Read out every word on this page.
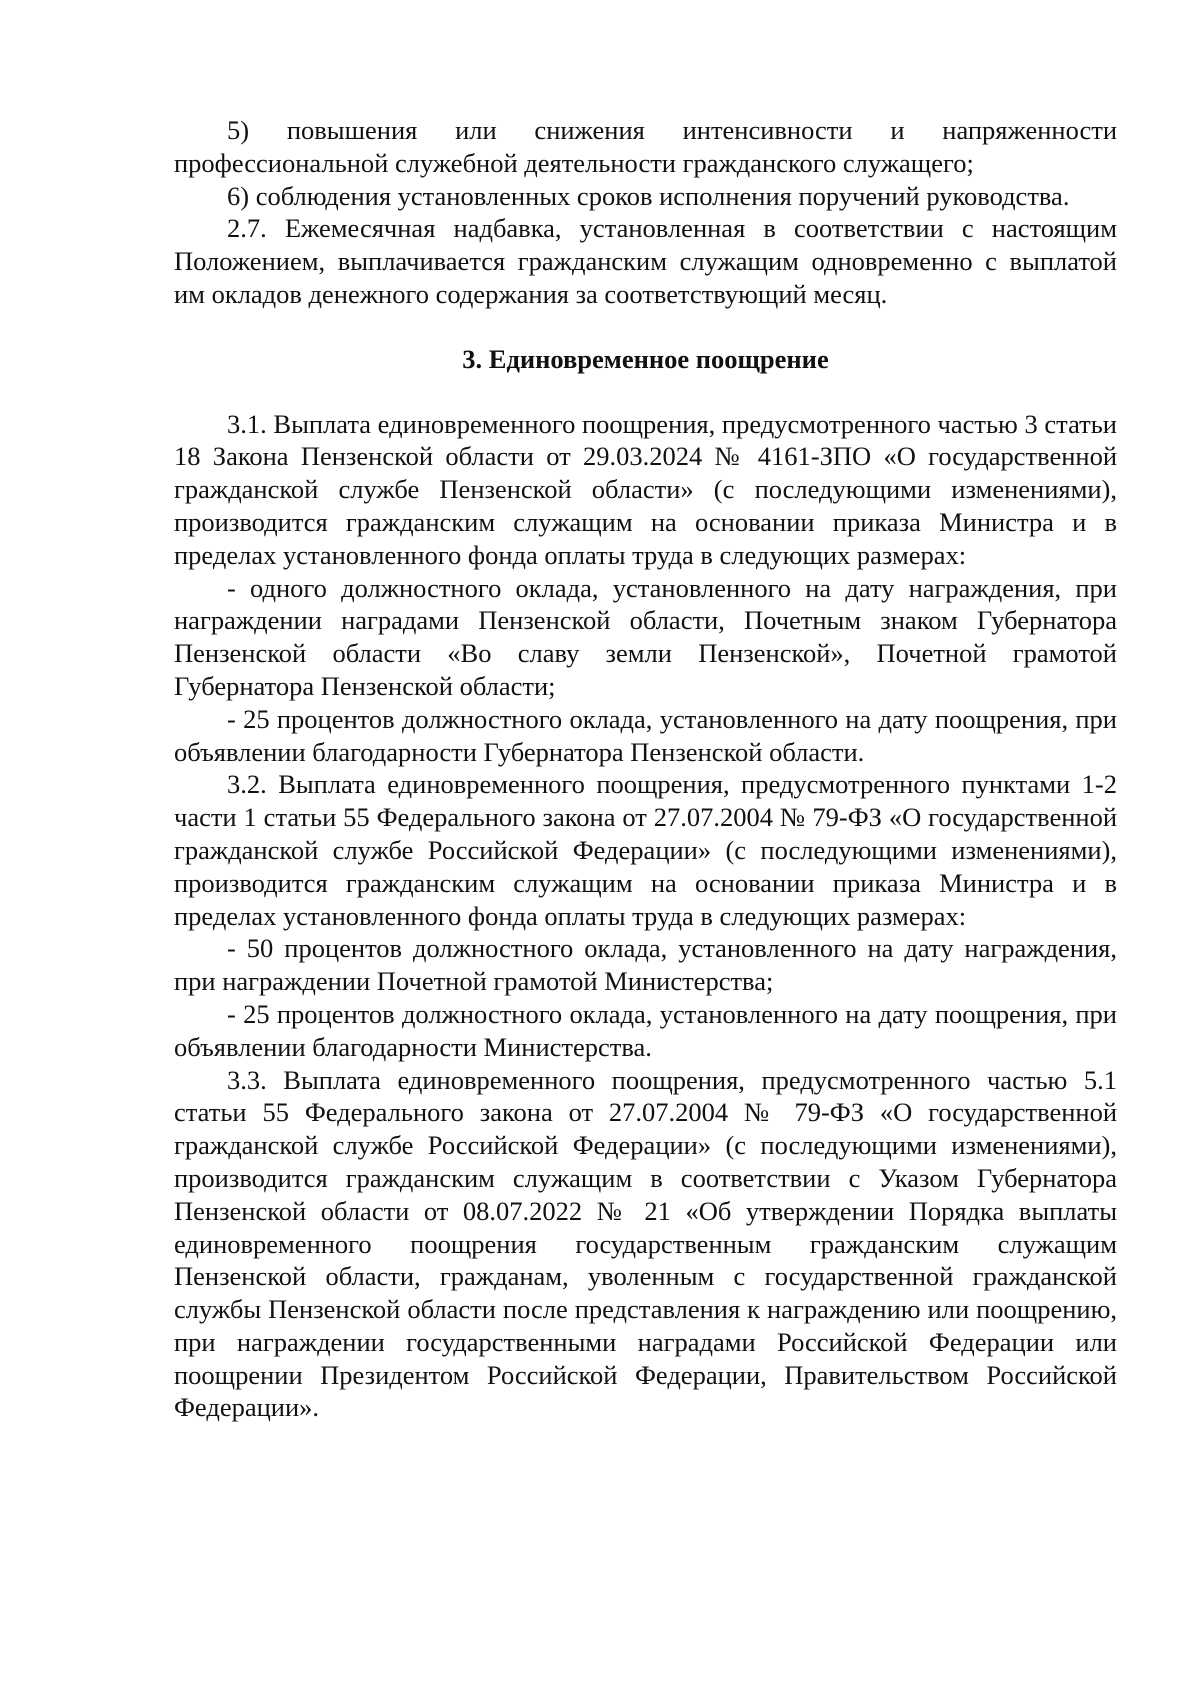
5) повышения или снижения интенсивности и напряженности профессиональной служебной деятельности гражданского служащего;

6) соблюдения установленных сроков исполнения поручений руководства.

2.7. Ежемесячная надбавка, установленная в соответствии с настоящим Положением, выплачивается гражданским служащим одновременно с выплатой им окладов денежного содержания за соответствующий месяц.

3. Единовременное поощрение

3.1. Выплата единовременного поощрения, предусмотренного частью 3 статьи 18 Закона Пензенской области от 29.03.2024 № 4161-ЗПО «О государственной гражданской службе Пензенской области» (с последующими изменениями), производится гражданским служащим на основании приказа Министра и в пределах установленного фонда оплаты труда в следующих размерах:

- одного должностного оклада, установленного на дату награждения, при награждении наградами Пензенской области, Почетным знаком Губернатора Пензенской области «Во славу земли Пензенской», Почетной грамотой Губернатора Пензенской области;

- 25 процентов должностного оклада, установленного на дату поощрения, при объявлении благодарности Губернатора Пензенской области.

3.2. Выплата единовременного поощрения, предусмотренного пунктами 1-2 части 1 статьи 55 Федерального закона от 27.07.2004 № 79-ФЗ «О государственной гражданской службе Российской Федерации» (с последующими изменениями), производится гражданским служащим на основании приказа Министра и в пределах установленного фонда оплаты труда в следующих размерах:

- 50 процентов должностного оклада, установленного на дату награждения, при награждении Почетной грамотой Министерства;

- 25 процентов должностного оклада, установленного на дату поощрения, при объявлении благодарности Министерства.

3.3. Выплата единовременного поощрения, предусмотренного частью 5.1 статьи 55 Федерального закона от 27.07.2004 № 79-ФЗ «О государственной гражданской службе Российской Федерации» (с последующими изменениями), производится гражданским служащим в соответствии с Указом Губернатора Пензенской области от 08.07.2022 № 21 «Об утверждении Порядка выплаты единовременного поощрения государственным гражданским служащим Пензенской области, гражданам, уволенным с государственной гражданской службы Пензенской области после представления к награждению или поощрению, при награждении государственными наградами Российской Федерации или поощрении Президентом Российской Федерации, Правительством Российской Федерации».
